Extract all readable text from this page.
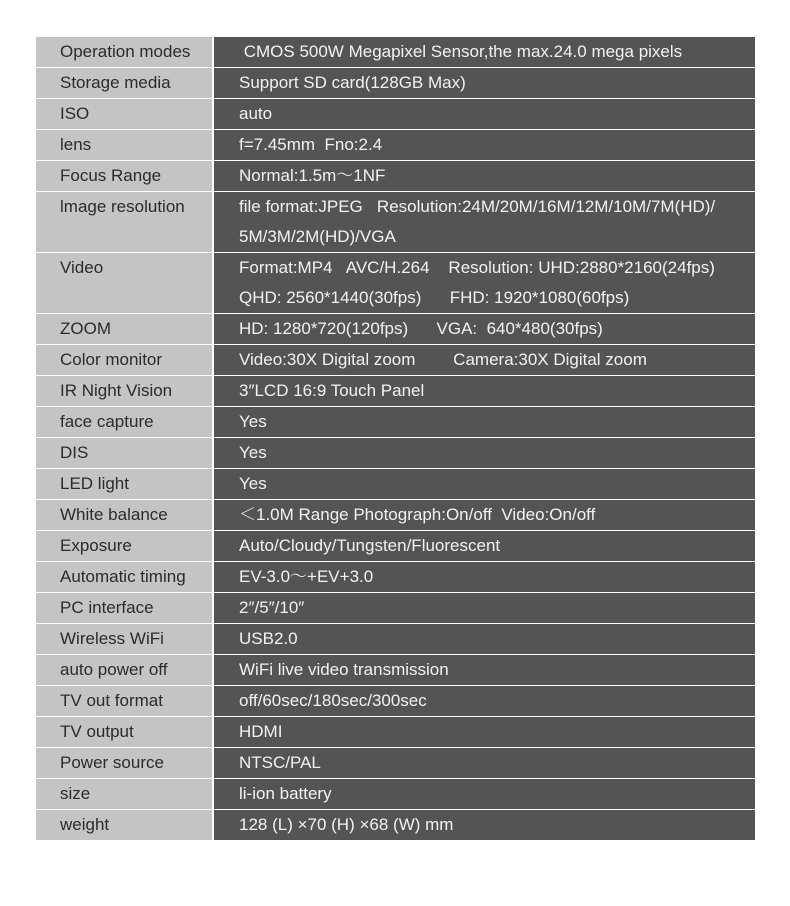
Operation modes	CMOS 500W Megapixel Sensor,the max.24.0 mega pixels

Storage media	Support SD card(128GB Max)

ISO	auto

lens	f=7.45mm  Fno:2.4

Focus Range	Normal:1.5m〜1NF

lmage resolution	file format:JPEG   Resolution:24M/20M/16M/12M/10M/7M(HD)/
5M/3M/2M(HD)/VGA

Video	Format:MP4   AVC/H.264    Resolution: UHD:2880*2160(24fps)
QHD: 2560*1440(30fps)      FHD: 1920*1080(60fps)

ZOOM	HD: 1280*720(120fps)      VGA:  640*480(30fps)

Color monitor	Video:30X Digital zoom        Camera:30X Digital zoom

IR Night Vision	3″LCD 16:9 Touch Panel

face capture	Yes

DIS	Yes

LED light	Yes

White balance	＜1.0M Range Photograph:On/off  Video:On/off

Exposure	Auto/Cloudy/Tungsten/Fluorescent

Automatic timing	EV-3.0〜+EV+3.0

PC interface	2″/5″/10″

Wireless WiFi	USB2.0

auto power off	WiFi live video transmission

TV out format	off/60sec/180sec/300sec

TV output	HDMI

Power source	NTSC/PAL

size	li-ion battery

weight	128 (L) ×70 (H) ×68 (W) mm
